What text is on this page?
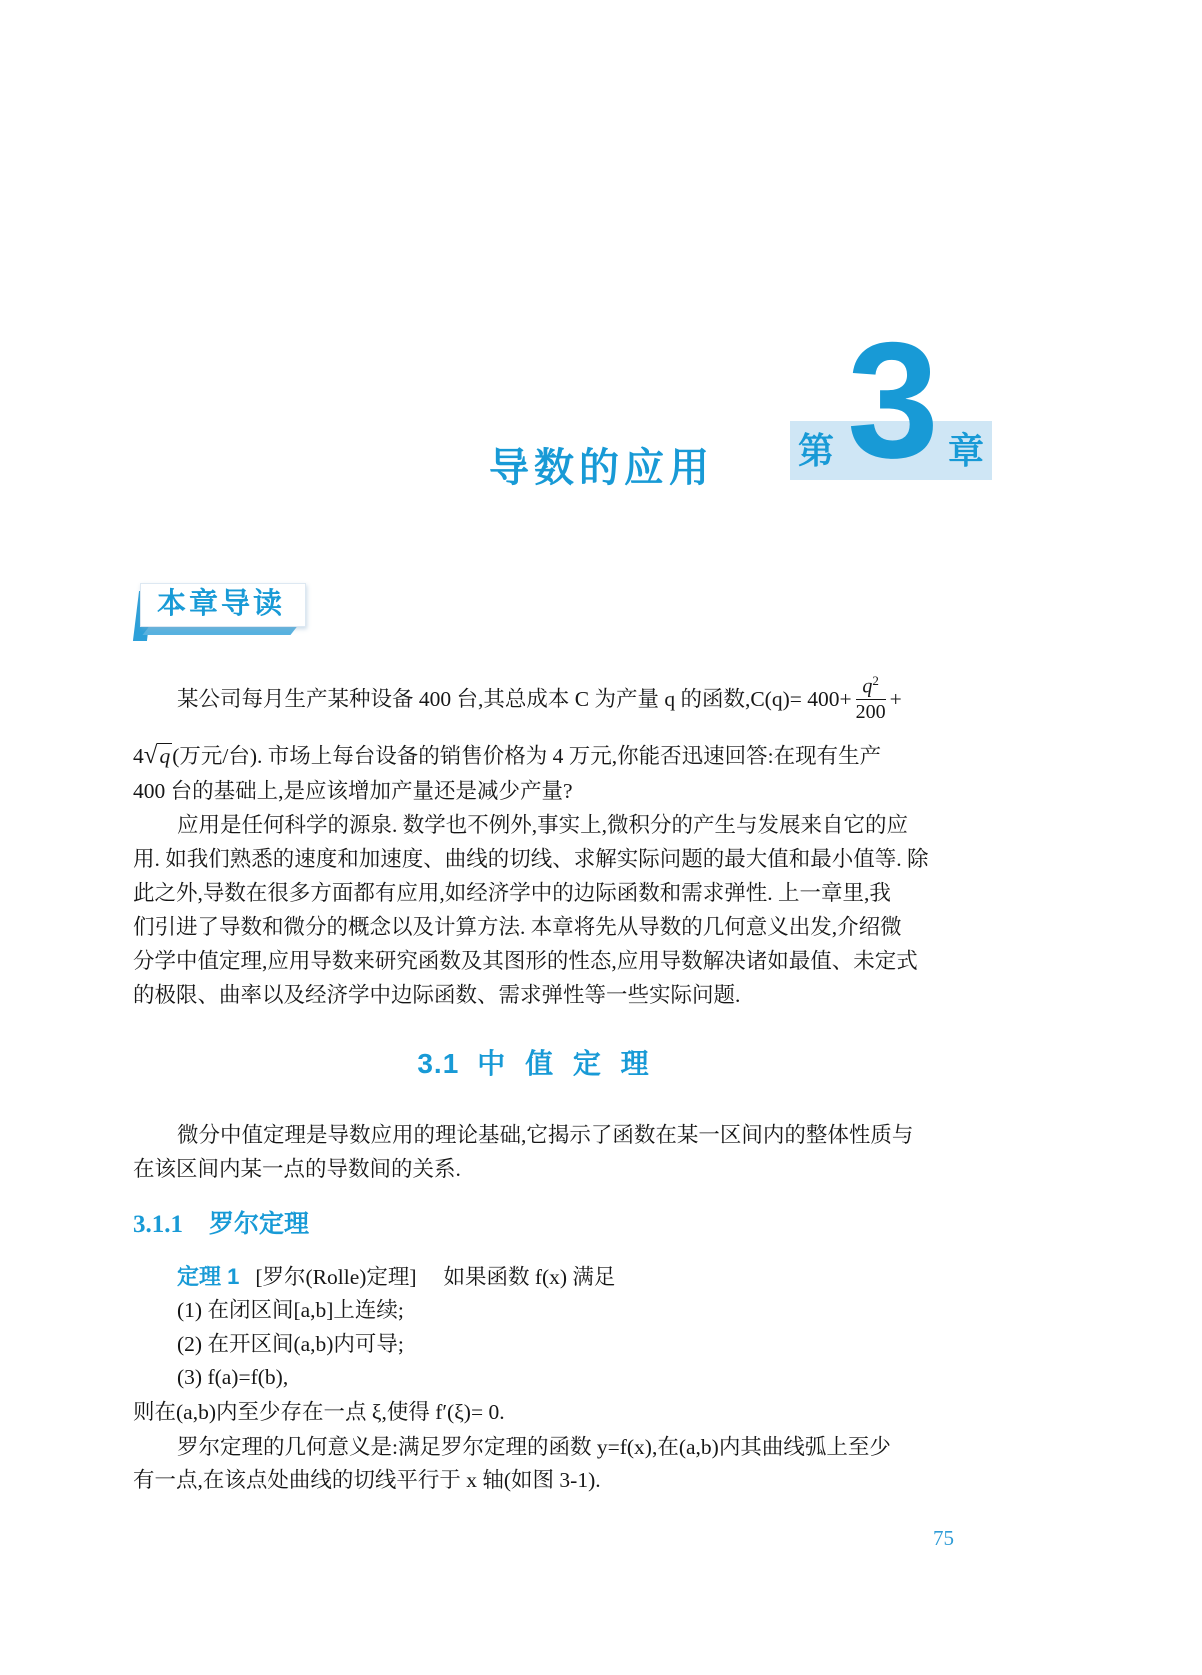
导数的应用 第	章
3
本章导读
某公司每月生产某种设备 400 台,其总成本 C 为产量 q 的函数$,C(q)= 400+ \frac{q^2}{200}$ +
4√q(万元/台). 市场上每台设备的销售价格为 4 万元,你能否迅速回答:在现有生产
400 台的基础上,是应该增加产量还是减少产量?
应用是任何科学的源泉. 数学也不例外,事实上,微积分的产生与发展来自它的应
用. 如我们熟悉的速度和加速度、曲线的切线、求解实际问题的最大值和最小值等. 除
此之外,导数在很多方面都有应用,如经济学中的边际函数和需求弹性. 上一章里,我
们引进了导数和微分的概念以及计算方法. 本章将先从导数的几何意义出发,介绍微
分学中值定理,应用导数来研究函数及其图形的性态,应用导数解决诸如最值、未定式
的极限、曲率以及经济学中边际函数、需求弹性等一些实际问题.
3.1 中 值 定 理
微分中值定理是导数应用的理论基础,它揭示了函数在某一区间内的整体性质与
在该区间内某一点的导数间的关系.
3.1.1 罗尔定理
定理 1 [罗尔(Rolle)定理]　 如果函数 f(x) 满足
(1) 在闭区间[a,b]上连续;
(2) 在开区间(a,b)内可导;
(3) f(a)=f(b),
则在(a,b)内至少存在一点 ξ,使得 f′(ξ)= 0.
罗尔定理的几何意义是:满足罗尔定理的函数 y=f(x),在(a,b)内其曲线弧上至少
有一点,在该点处曲线的切线平行于 x 轴(如图 3-1).
75
